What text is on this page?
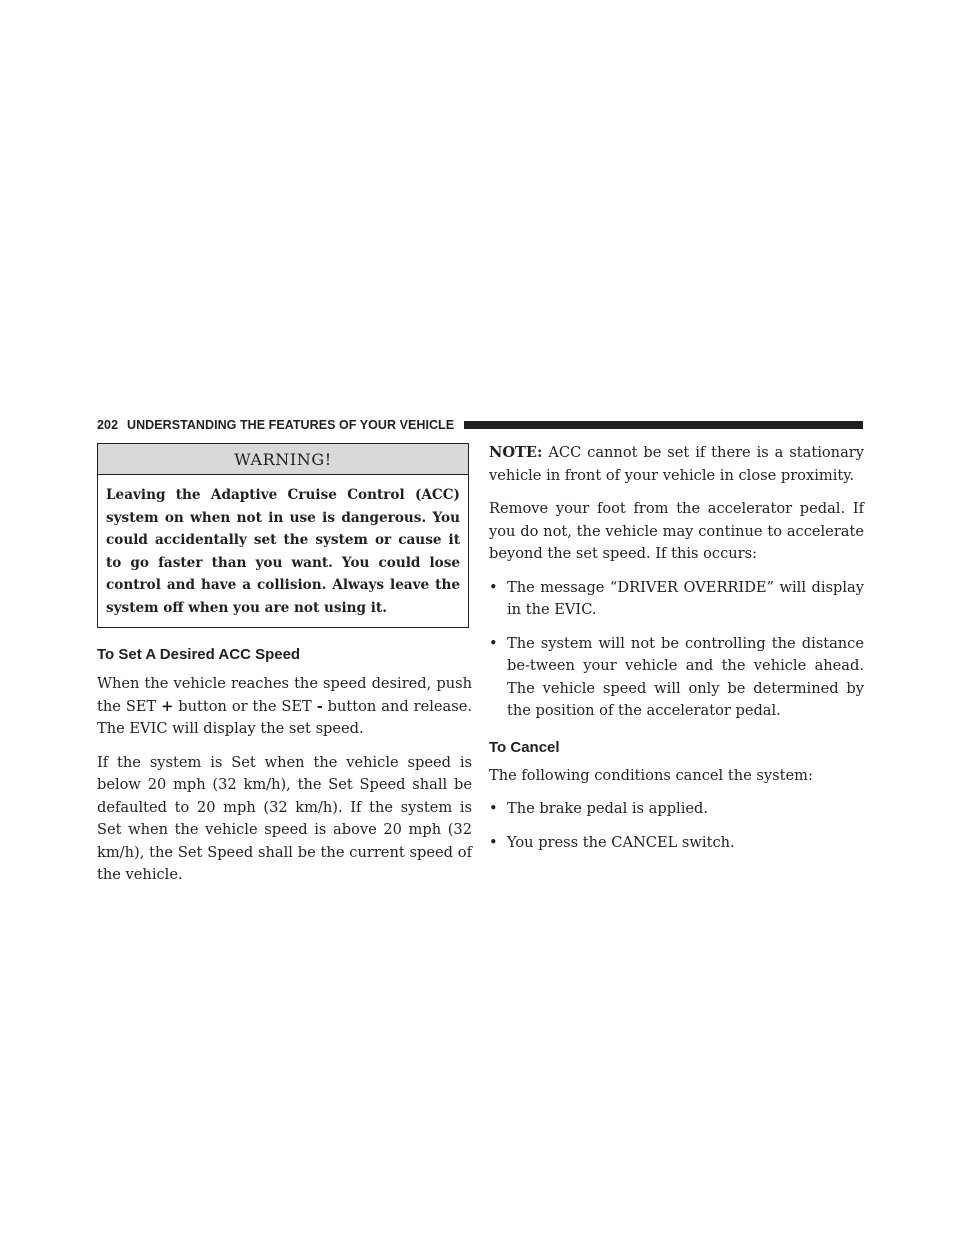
202 UNDERSTANDING THE FEATURES OF YOUR VEHICLE
WARNING!
Leaving the Adaptive Cruise Control (ACC) system on when not in use is dangerous. You could accidentally set the system or cause it to go faster than you want. You could lose control and have a collision. Always leave the system off when you are not using it.
To Set A Desired ACC Speed

When the vehicle reaches the speed desired, push the SET + button or the SET - button and release. The EVIC will display the set speed.

If the system is Set when the vehicle speed is below 20 mph (32 km/h), the Set Speed shall be defaulted to 20 mph (32 km/h). If the system is Set when the vehicle speed is above 20 mph (32 km/h), the Set Speed shall be the current speed of the vehicle.

NOTE: ACC cannot be set if there is a stationary vehicle in front of your vehicle in close proximity.

Remove your foot from the accelerator pedal. If you do not, the vehicle may continue to accelerate beyond the set speed. If this occurs:

• The message “DRIVER OVERRIDE” will display in the EVIC.
• The system will not be controlling the distance be-tween your vehicle and the vehicle ahead. The vehicle speed will only be determined by the position of the accelerator pedal.
To Cancel

The following conditions cancel the system:

• The brake pedal is applied.
• You press the CANCEL switch.
